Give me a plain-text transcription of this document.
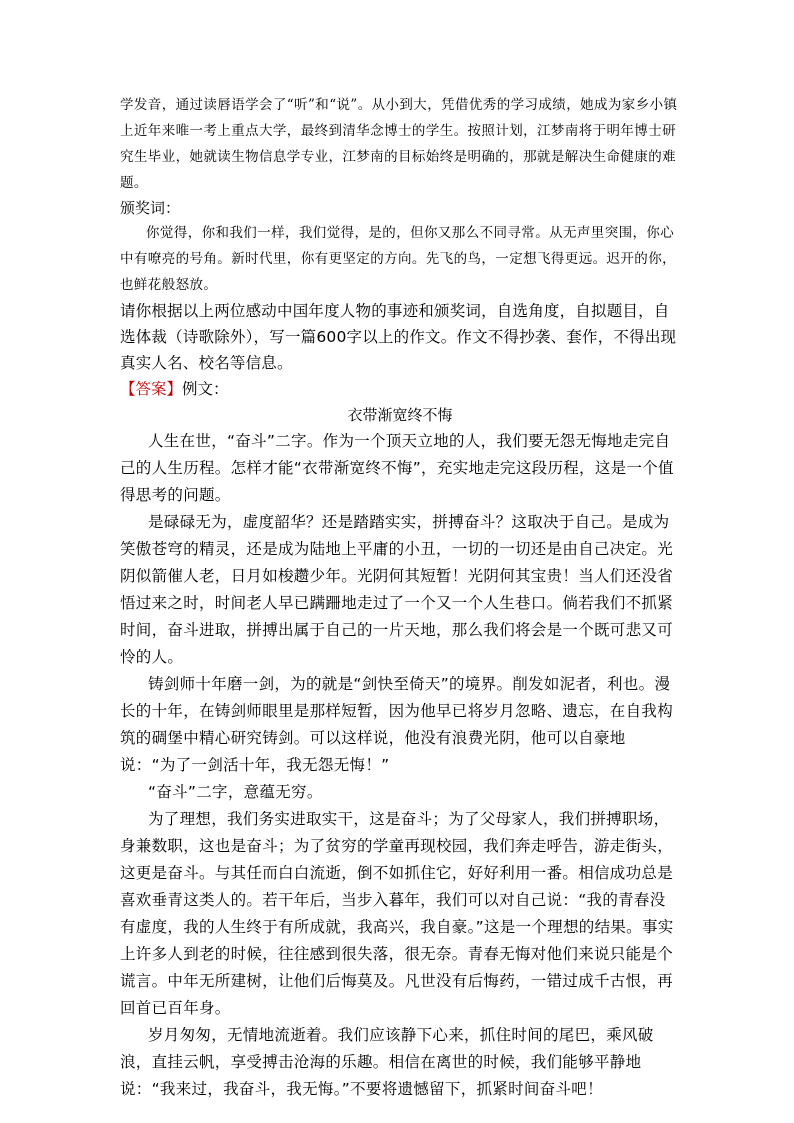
学发音，通过读唇语学会了“听”和“说”。从小到大，凭借优秀的学习成绩，她成为家乡小镇上近年来唯一考上重点大学，最终到清华念博士的学生。按照计划，江梦南将于明年博士研究生毕业，她就读生物信息学专业，江梦南的目标始终是明确的，那就是解决生命健康的难题。

颁奖词：

你觉得，你和我们一样，我们觉得，是的，但你又那么不同寻常。从无声里突围，你心中有嘹亮的号角。新时代里，你有更坚定的方向。先飞的鸟，一定想飞得更远。迟开的你，也鲜花般怒放。

请你根据以上两位感动中国年度人物的事迹和颁奖词，自选角度，自拟题目，自选体裁（诗歌除外），写一篇600字以上的作文。作文不得抄袭、套作，不得出现真实人名、校名等信息。

【答案】例文：

衣带渐宽终不悔

人生在世，“奋斗”二字。作为一个顶天立地的人，我们要无怨无悔地走完自己的人生历程。怎样才能“衣带渐宽终不悔”，充实地走完这段历程，这是一个值得思考的问题。

是碌碌无为，虚度韶华？还是踏踏实实，拼搏奋斗？这取决于自己。是成为笑傲苍穹的精灵，还是成为陆地上平庸的小丑，一切的一切还是由自己决定。光阴似箭催人老，日月如梭趱少年。光阴何其短暂！光阴何其宝贵！当人们还没省悟过来之时，时间老人早已蹒跚地走过了一个又一个人生巷口。倘若我们不抓紧时间，奋斗进取，拼搏出属于自己的一片天地，那么我们将会是一个既可悲又可怜的人。

铸剑师十年磨一剑，为的就是“剑快至倚天”的境界。削发如泥者，利也。漫长的十年，在铸剑师眼里是那样短暂，因为他早已将岁月忽略、遗忘，在自我构筑的碉堡中精心研究铸剑。可以这样说，他没有浪费光阴，他可以自豪地说：“为了一剑活十年，我无怨无悔！”

“奋斗”二字，意蕴无穷。

为了理想，我们务实进取实干，这是奋斗；为了父母家人，我们拼搏职场，身兼数职，这也是奋斗；为了贫穷的学童再现校园，我们奔走呼告，游走街头，这更是奋斗。与其任而白白流逝，倒不如抓住它，好好利用一番。相信成功总是喜欢垂青这类人的。若干年后，当步入暮年，我们可以对自己说：“我的青春没有虚度，我的人生终于有所成就，我高兴，我自豪。”这是一个理想的结果。事实上许多人到老的时候，往往感到很失落，很无奈。青春无悔对他们来说只能是个谎言。中年无所建树，让他们后悔莫及。凡世没有后悔药，一错过成千古恨，再回首已百年身。

岁月匆匆，无情地流逝着。我们应该静下心来，抓住时间的尾巴，乘风破浪，直挂云帆，享受搏击沧海的乐趣。相信在离世的时候，我们能够平静地说：“我来过，我奋斗，我无悔。”不要将遗憾留下，抓紧时间奋斗吧！
